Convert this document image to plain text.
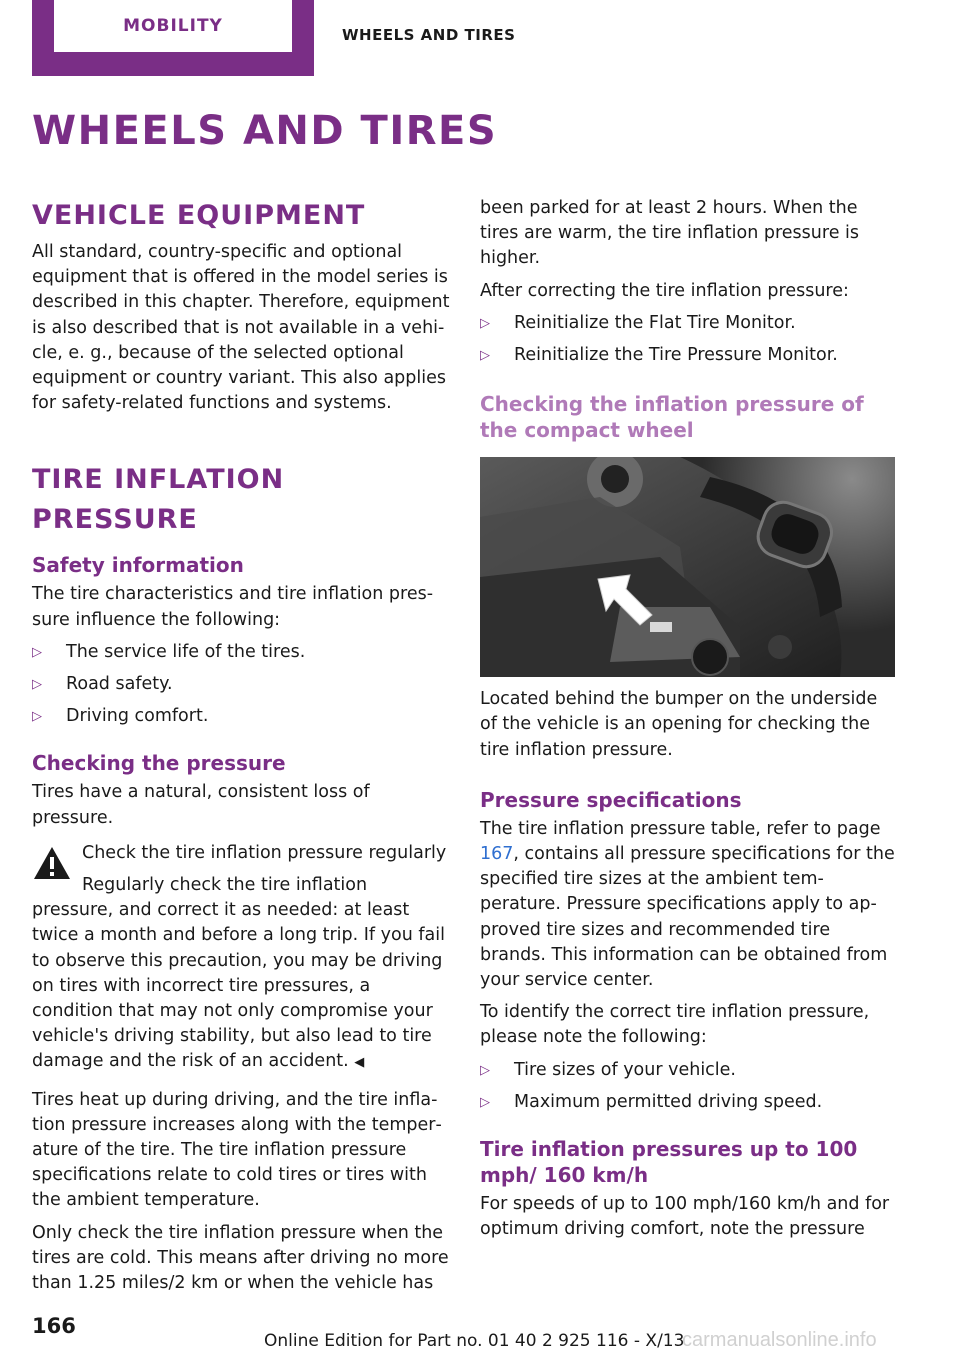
MOBILITY	WHEELS AND TIRES
WHEELS AND TIRES
VEHICLE EQUIPMENT

All standard, country-specific and optional equipment that is offered in the model series is described in this chapter. Therefore, equipment is also described that is not available in a vehicle, e. g., because of the selected optional equipment or country variant. This also applies for safety-related functions and systems.

TIRE INFLATION PRESSURE
Safety information

The tire characteristics and tire inflation pressure influence the following:

▷ The service life of the tires.
▷ Road safety.
▷ Driving comfort.
Checking the pressure

Tires have a natural, consistent loss of pressure.

Check the tire inflation pressure regularly

Regularly check the tire inflation pressure, and correct it as needed: at least twice a month and before a long trip. If you fail to observe this precaution, you may be driving on tires with incorrect tire pressures, a condition that may not only compromise your vehicle's driving stability, but also lead to tire damage and the risk of an accident. ◀

Tires heat up during driving, and the tire inflation pressure increases along with the temperature of the tire. The tire inflation pressure specifications relate to cold tires or tires with the ambient temperature.

Only check the tire inflation pressure when the tires are cold. This means after driving no more than 1.25 miles/2 km or when the vehicle has

been parked for at least 2 hours. When the tires are warm, the tire inflation pressure is higher.

After correcting the tire inflation pressure:

▷ Reinitialize the Flat Tire Monitor.
▷ Reinitialize the Tire Pressure Monitor.
Checking the inflation pressure of the compact wheel

Located behind the bumper on the underside of the vehicle is an opening for checking the tire inflation pressure.

Pressure specifications

The tire inflation pressure table, refer to page 167, contains all pressure specifications for the specified tire sizes at the ambient temperature. Pressure specifications apply to approved tire sizes and recommended tire brands. This information can be obtained from your service center.

To identify the correct tire inflation pressure, please note the following:

▷ Tire sizes of your vehicle.
▷ Maximum permitted driving speed.
Tire inflation pressures up to 100 mph/ 160 km/h

For speeds of up to 100 mph/160 km/h and for optimum driving comfort, note the pressure

166
Online Edition for Part no. 01 40 2 925 116 - X/13
carmanualsonline.info
